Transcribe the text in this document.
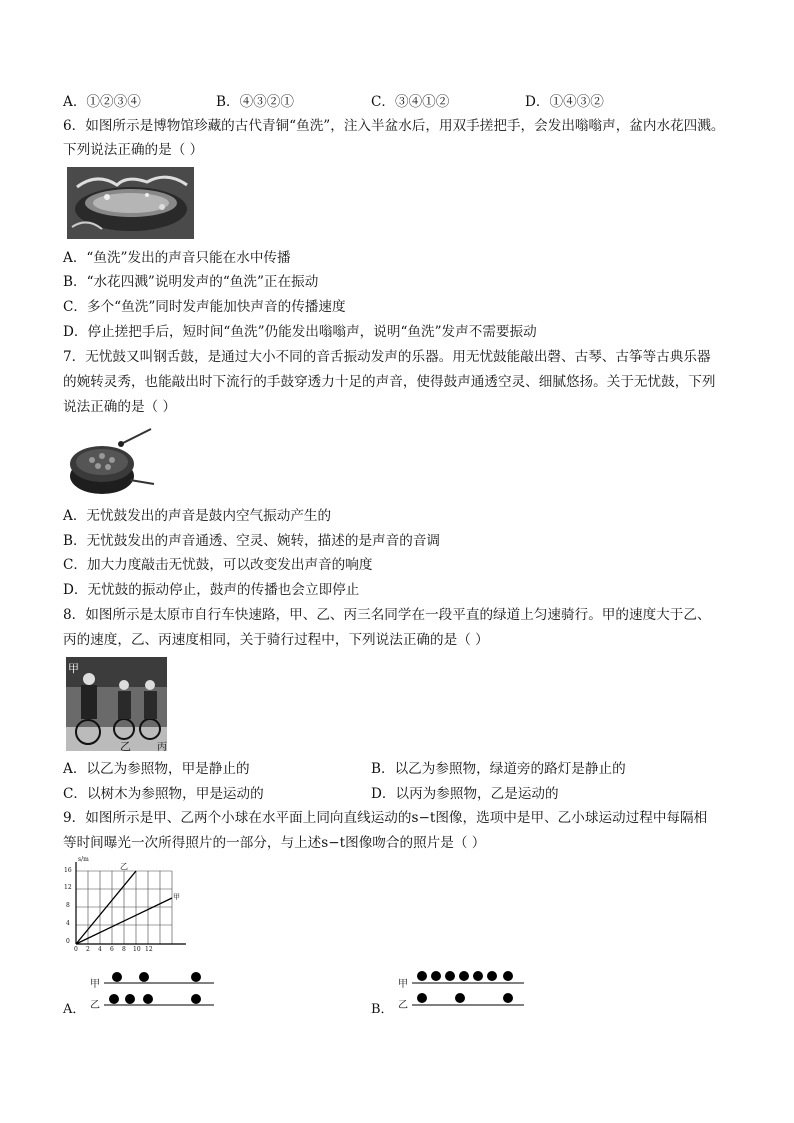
A．①②③④	B．④③②①	C．③④①②	D．①④③②
6．如图所示是博物馆珍藏的古代青铜“鱼洗”，注入半盆水后，用双手搓把手，会发出嗡嗡声，盆内水花四溅。
下列说法正确的是（ ）
A．“鱼洗”发出的声音只能在水中传播
B．“水花四溅”说明发声的“鱼洗”正在振动
C．多个“鱼洗”同时发声能加快声音的传播速度
D．停止搓把手后，短时间“鱼洗”仍能发出嗡嗡声，说明“鱼洗”发声不需要振动
7．无忧鼓又叫钢舌鼓，是通过大小不同的音舌振动发声的乐器。用无忧鼓能敲出磬、古琴、古筝等古典乐器
的婉转灵秀，也能敲出时下流行的手鼓穿透力十足的声音，使得鼓声通透空灵、细腻悠扬。关于无忧鼓，下列
说法正确的是（ ）
A．无忧鼓发出的声音是鼓内空气振动产生的
B．无忧鼓发出的声音通透、空灵、婉转，描述的是声音的音调
C．加大力度敲击无忧鼓，可以改变发出声音的响度
D．无忧鼓的振动停止，鼓声的传播也会立即停止
8．如图所示是太原市自行车快速路，甲、乙、丙三名同学在一段平直的绿道上匀速骑行。甲的速度大于乙、
丙的速度，乙、丙速度相同，关于骑行过程中，下列说法正确的是（ ）
甲
乙	丙
A．以乙为参照物，甲是静止的	B．以乙为参照物，绿道旁的路灯是静止的
C．以树木为参照物，甲是运动的	D．以丙为参照物，乙是运动的
9．如图所示是甲、乙两个小球在水平面上同向直线运动的s−t图像，选项中是甲、乙小球运动过程中每隔相
等时间曝光一次所得照片的一部分，与上述s−t图像吻合的照片是（ ）
s/m
0
4
8
12
16
0 2 4 6 8 10 12
乙
甲
A．
甲
乙	B．
甲
乙
